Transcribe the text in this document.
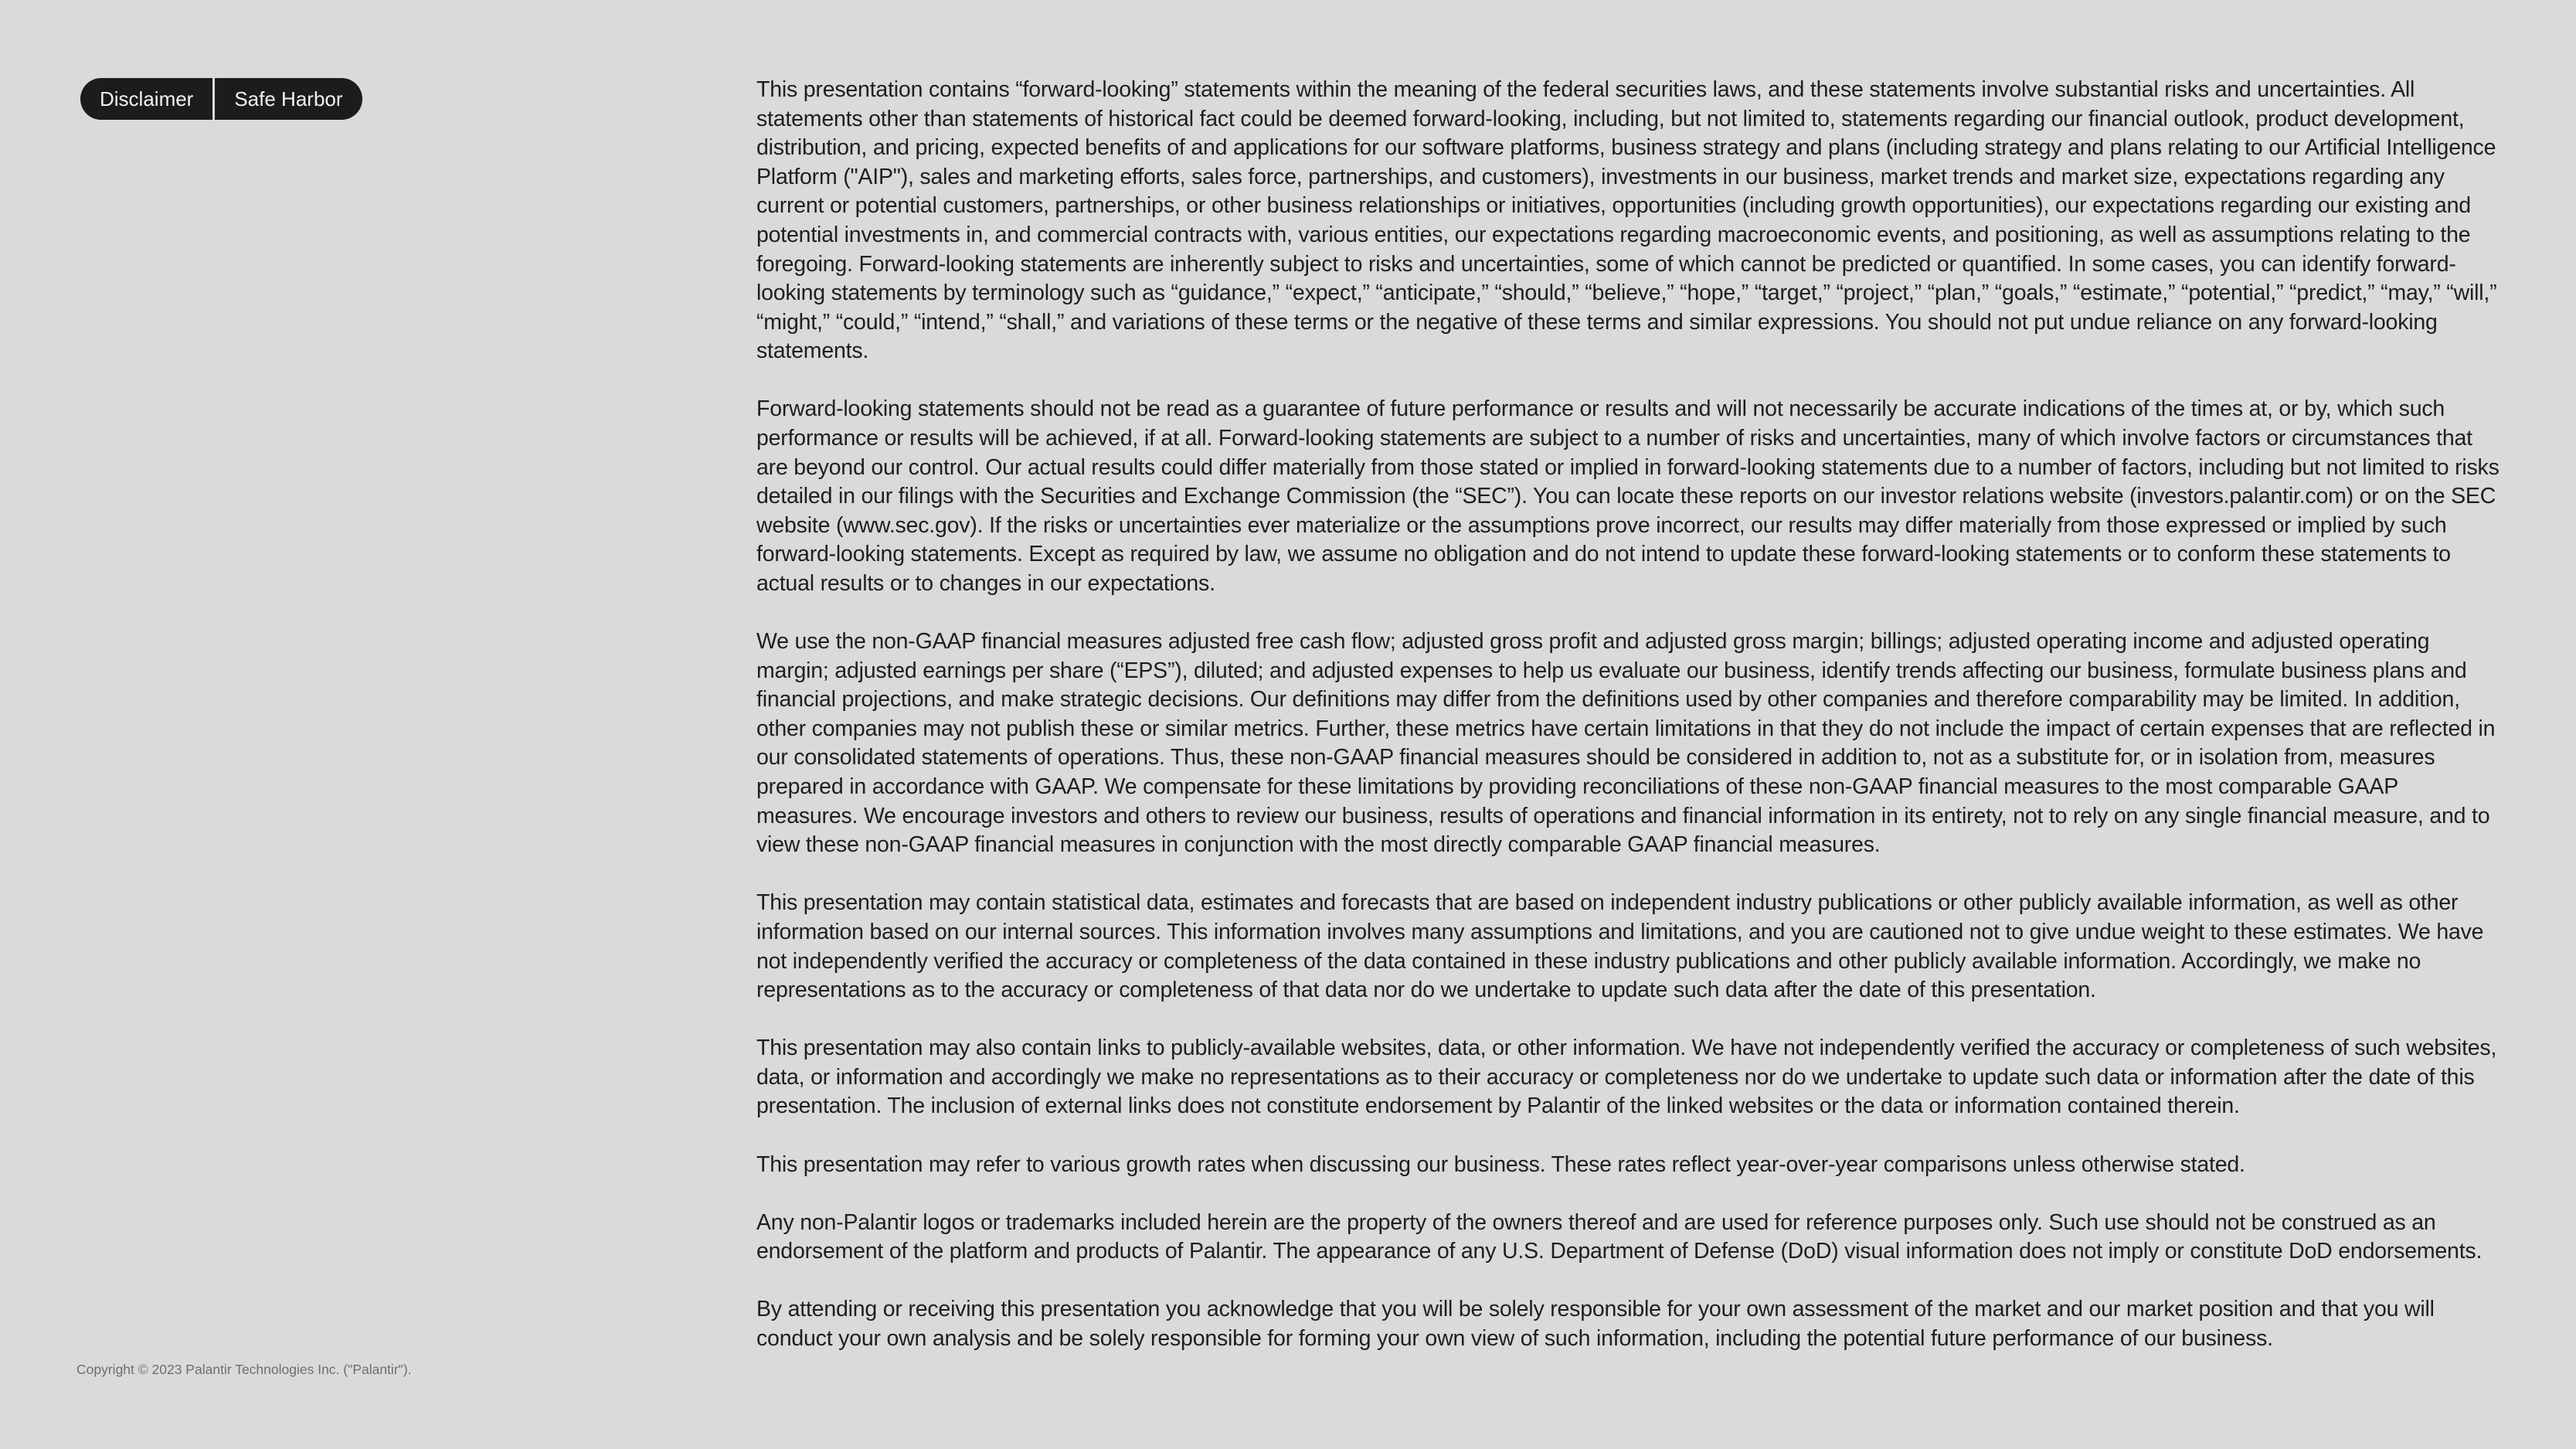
Disclaimer	Safe Harbor	This presentation contains “forward-looking” statements within the meaning of the federal securities laws, and these statements involve substantial risks and uncertainties. All statements other than statements of historical fact could be deemed forward-looking, including, but not limited to, statements regarding our financial outlook, product development, distribution, and pricing, expected benefits of and applications for our software platforms, business strategy and plans (including strategy and plans relating to our Artificial Intelligence Platform ("AIP"), sales and marketing efforts, sales force, partnerships, and customers), investments in our business, market trends and market size, expectations regarding any current or potential customers, partnerships, or other business relationships or initiatives, opportunities (including growth opportunities), our expectations regarding our existing and potential investments in, and commercial contracts with, various entities, our expectations regarding macroeconomic events, and positioning, as well as assumptions relating to the foregoing. Forward-looking statements are inherently subject to risks and uncertainties, some of which cannot be predicted or quantified. In some cases, you can identify forward-looking statements by terminology such as “guidance,” “expect,” “anticipate,” “should,” “believe,” “hope,” “target,” “project,” “plan,” “goals,” “estimate,” “potential,” “predict,” “may,” “will,” “might,” “could,” “intend,” “shall,” and variations of these terms or the negative of these terms and similar expressions. You should not put undue reliance on any forward-looking statements.

Forward-looking statements should not be read as a guarantee of future performance or results and will not necessarily be accurate indications of the times at, or by, which such performance or results will be achieved, if at all. Forward-looking statements are subject to a number of risks and uncertainties, many of which involve factors or circumstances that are beyond our control. Our actual results could differ materially from those stated or implied in forward-looking statements due to a number of factors, including but not limited to risks detailed in our filings with the Securities and Exchange Commission (the “SEC”). You can locate these reports on our investor relations website (investors.palantir.com) or on the SEC website (www.sec.gov). If the risks or uncertainties ever materialize or the assumptions prove incorrect, our results may differ materially from those expressed or implied by such forward-looking statements. Except as required by law, we assume no obligation and do not intend to update these forward-looking statements or to conform these statements to actual results or to changes in our expectations.

We use the non-GAAP financial measures adjusted free cash flow; adjusted gross profit and adjusted gross margin; billings; adjusted operating income and adjusted operating margin; adjusted earnings per share (“EPS”), diluted; and adjusted expenses to help us evaluate our business, identify trends affecting our business, formulate business plans and financial projections, and make strategic decisions. Our definitions may differ from the definitions used by other companies and therefore comparability may be limited. In addition, other companies may not publish these or similar metrics. Further, these metrics have certain limitations in that they do not include the impact of certain expenses that are reflected in our consolidated statements of operations. Thus, these non-GAAP financial measures should be considered in addition to, not as a substitute for, or in isolation from, measures prepared in accordance with GAAP. We compensate for these limitations by providing reconciliations of these non-GAAP financial measures to the most comparable GAAP measures. We encourage investors and others to review our business, results of operations and financial information in its entirety, not to rely on any single financial measure, and to view these non-GAAP financial measures in conjunction with the most directly comparable GAAP financial measures.

This presentation may contain statistical data, estimates and forecasts that are based on independent industry publications or other publicly available information, as well as other information based on our internal sources. This information involves many assumptions and limitations, and you are cautioned not to give undue weight to these estimates. We have not independently verified the accuracy or completeness of the data contained in these industry publications and other publicly available information. Accordingly, we make no representations as to the accuracy or completeness of that data nor do we undertake to update such data after the date of this presentation.

This presentation may also contain links to publicly-available websites, data, or other information. We have not independently verified the accuracy or completeness of such websites, data, or information and accordingly we make no representations as to their accuracy or completeness nor do we undertake to update such data or information after the date of this presentation. The inclusion of external links does not constitute endorsement by Palantir of the linked websites or the data or information contained therein.

This presentation may refer to various growth rates when discussing our business. These rates reflect year-over-year comparisons unless otherwise stated.

Any non-Palantir logos or trademarks included herein are the property of the owners thereof and are used for reference purposes only. Such use should not be construed as an endorsement of the platform and products of Palantir. The appearance of any U.S. Department of Defense (DoD) visual information does not imply or constitute DoD endorsements.

By attending or receiving this presentation you acknowledge that you will be solely responsible for your own assessment of the market and our market position and that you will conduct your own analysis and be solely responsible for forming your own view of such information, including the potential future performance of our business.

Copyright © 2023 Palantir Technologies Inc. ("Palantir").
